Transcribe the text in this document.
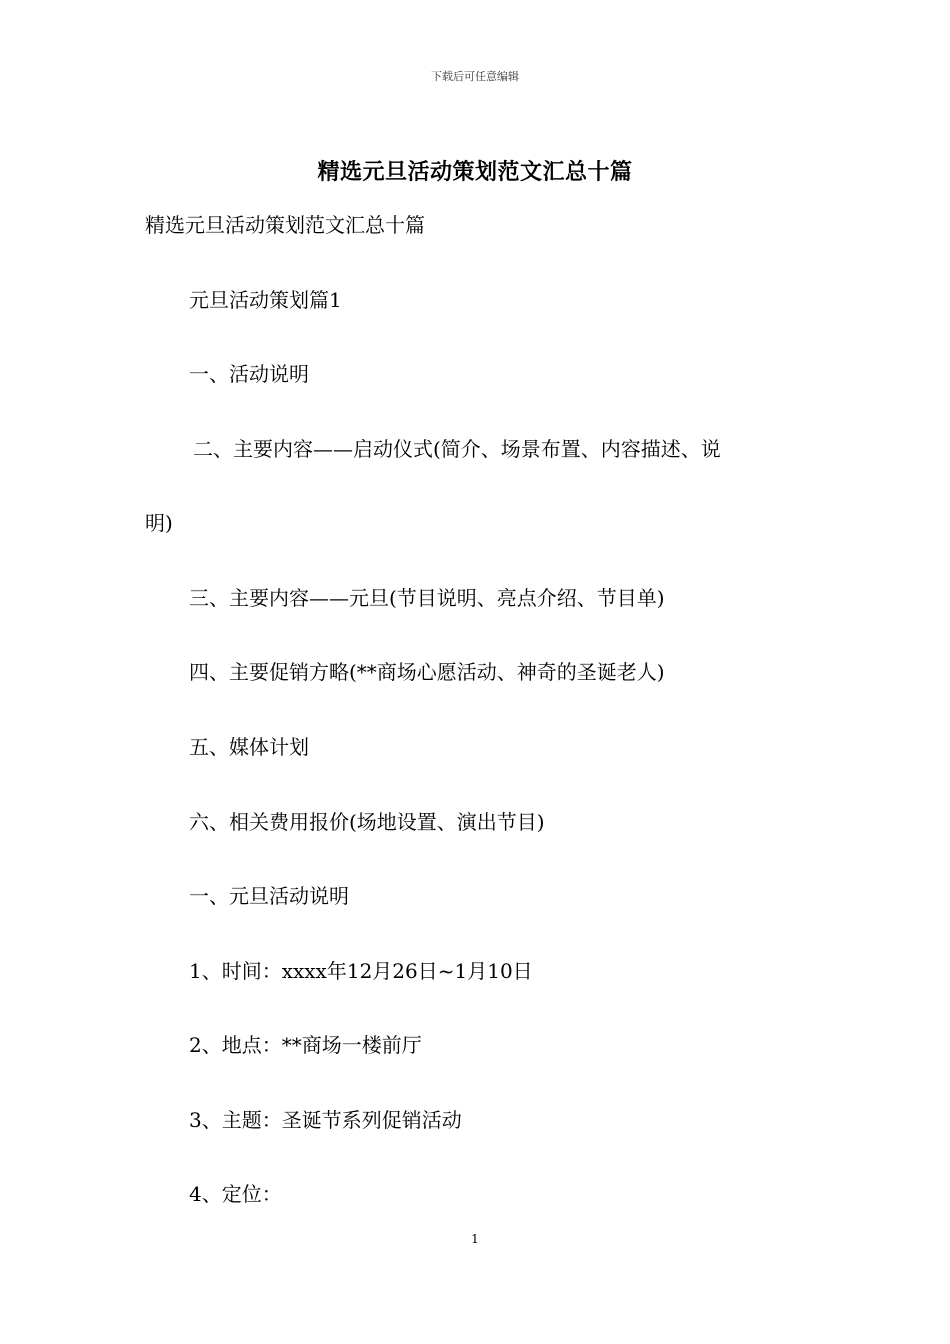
下载后可任意编辑
精选元旦活动策划范文汇总十篇
精选元旦活动策划范文汇总十篇
元旦活动策划篇1
一、活动说明
二、主要内容——启动仪式(简介、场景布置、内容描述、说
明)
三、主要内容——元旦(节目说明、亮点介绍、节目单)
四、主要促销方略(**商场心愿活动、神奇的圣诞老人)
五、媒体计划
六、相关费用报价(场地设置、演出节目)
一、元旦活动说明
1、时间：xxxx年12月26日~1月10日
2、地点：**商场一楼前厅
3、主题：圣诞节系列促销活动
4、定位：
1
